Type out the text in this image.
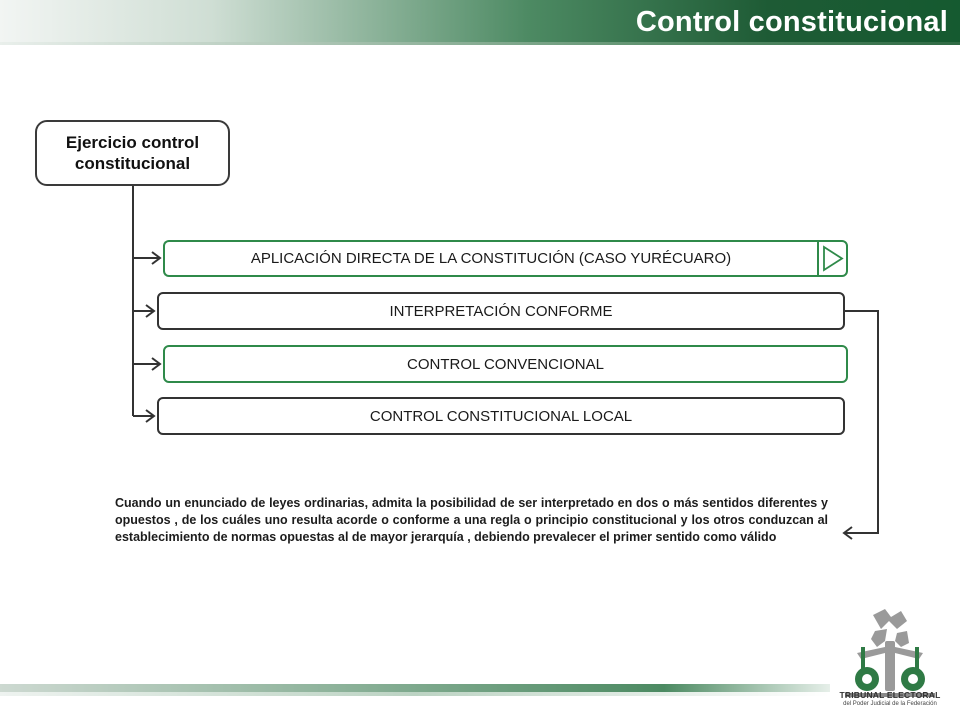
Control constitucional
Ejercicio control constitucional
APLICACIÓN DIRECTA DE LA CONSTITUCIÓN (CASO YURÉCUARO)
INTERPRETACIÓN CONFORME
CONTROL CONVENCIONAL
CONTROL CONSTITUCIONAL LOCAL
Cuando un enunciado de leyes ordinarias, admita la posibilidad de ser interpretado en dos o más sentidos diferentes y opuestos , de los cuáles uno resulta acorde o conforme a una regla o principio constitucional y los otros conduzcan al establecimiento de normas opuestas al de mayor jerarquía , debiendo prevalecer el primer sentido como válido
TRIBUNAL ELECTORAL
del Poder Judicial de la Federación
